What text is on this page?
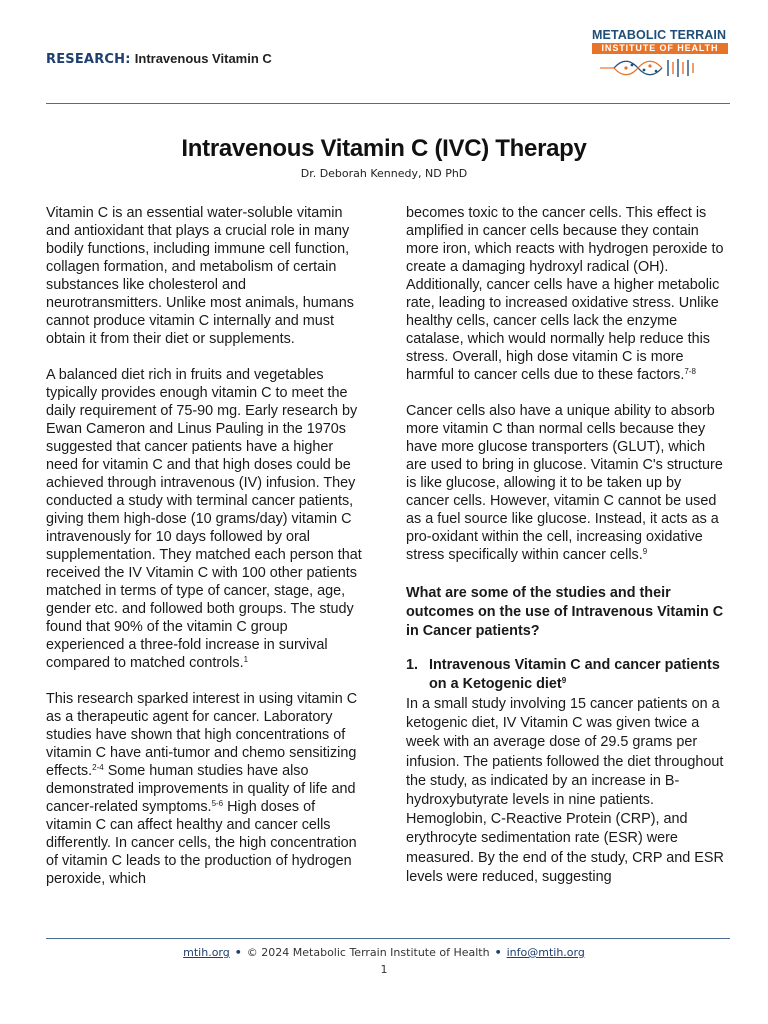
RESEARCH: Intravenous Vitamin C
METABOLIC TERRAIN
INSTITUTE OF HEALTH
Intravenous Vitamin C (IVC) Therapy
Dr. Deborah Kennedy, ND PhD

Vitamin C is an essential water-soluble vitamin and antioxidant that plays a crucial role in many bodily functions, including immune cell function, collagen formation, and metabolism of certain substances like cholesterol and neurotransmitters. Unlike most animals, humans cannot produce vitamin C internally and must obtain it from their diet or supplements.

A balanced diet rich in fruits and vegetables typically provides enough vitamin C to meet the daily requirement of 75-90 mg. Early research by Ewan Cameron and Linus Pauling in the 1970s suggested that cancer patients have a higher need for vitamin C and that high doses could be achieved through intravenous (IV) infusion. They conducted a study with terminal cancer patients, giving them high-dose (10 grams/day) vitamin C intravenously for 10 days followed by oral supplementation. They matched each person that received the IV Vitamin C with 100 other patients matched in terms of type of cancer, stage, age, gender etc. and followed both groups. The study found that 90% of the vitamin C group experienced a three-fold increase in survival compared to matched controls.$^1$

This research sparked interest in using vitamin C as a therapeutic agent for cancer. Laboratory studies have shown that high concentrations of vitamin C have anti-tumor and chemo sensitizing effects.$^{2-4}$ Some human studies have also demonstrated improvements in quality of life and cancer-related symptoms.$^{5-6}$ High doses of vitamin C can affect healthy and cancer cells differently. In cancer cells, the high concentration of vitamin C leads to the production of hydrogen peroxide, which

becomes toxic to the cancer cells. This effect is amplified in cancer cells because they contain more iron, which reacts with hydrogen peroxide to create a damaging hydroxyl radical (OH). Additionally, cancer cells have a higher metabolic rate, leading to increased oxidative stress. Unlike healthy cells, cancer cells lack the enzyme catalase, which would normally help reduce this stress. Overall, high dose vitamin C is more harmful to cancer cells due to these factors.$^{7-8}$

Cancer cells also have a unique ability to absorb more vitamin C than normal cells because they have more glucose transporters (GLUT), which are used to bring in glucose. Vitamin C's structure is like glucose, allowing it to be taken up by cancer cells. However, vitamin C cannot be used as a fuel source like glucose. Instead, it acts as a pro-oxidant within the cell, increasing oxidative stress specifically within cancer cells.$^9$

What are some of the studies and their outcomes on the use of Intravenous Vitamin C in Cancer patients?

1. Intravenous Vitamin C and cancer patients on a Ketogenic diet$^9$
In a small study involving 15 cancer patients on a ketogenic diet, IV Vitamin C was given twice a week with an average dose of 29.5 grams per infusion. The patients followed the diet throughout the study, as indicated by an increase in B-hydroxybutyrate levels in nine patients. Hemoglobin, C-Reactive Protein (CRP), and erythrocyte sedimentation rate (ESR) were measured. By the end of the study, CRP and ESR levels were reduced, suggesting
mtih.org • © 2024 Metabolic Terrain Institute of Health • info@mtih.org
1
